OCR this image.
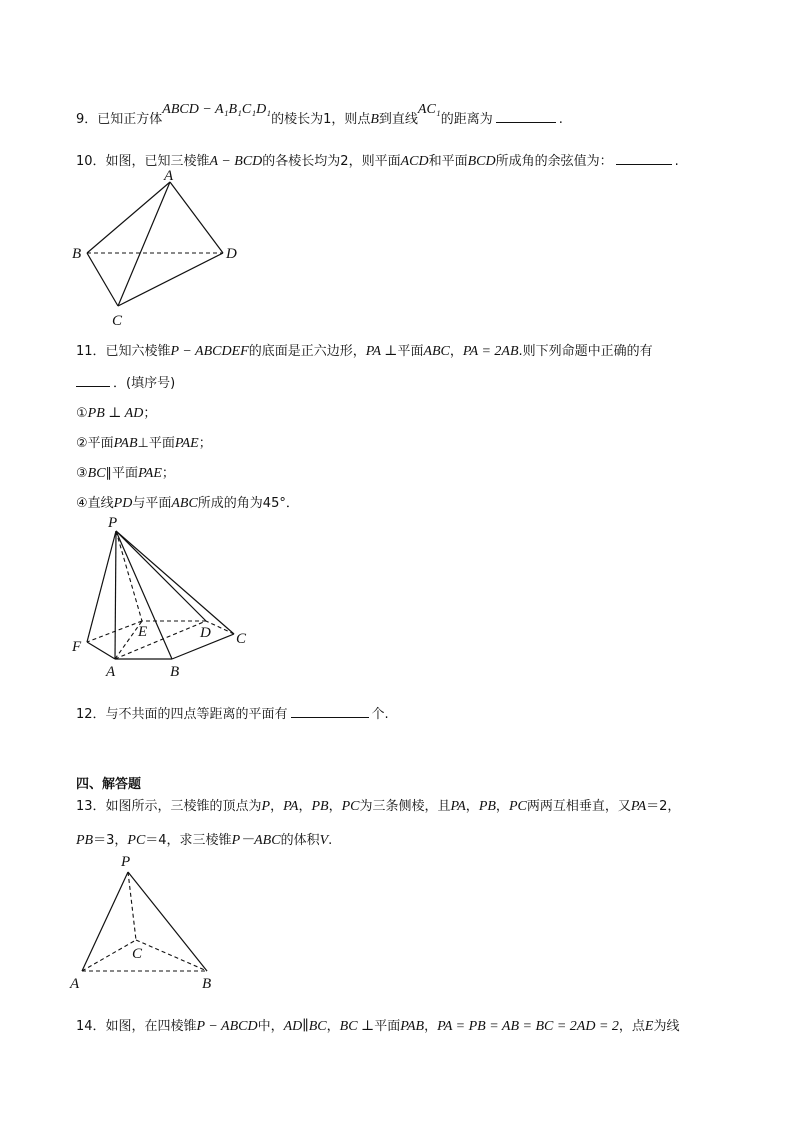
9．已知正方体ABCD − A₁B₁C₁D₁的棱长为1，则点B到直线AC₁的距离为	.
10．如图，已知三棱锥A − BCD的各棱长均为2，则平面ACD和平面BCD所成角的余弦值为：	.
A
B
C
D
11．已知六棱锥P − ABCDEF的底面是正六边形，PA ⊥平面ABC，PA = 2AB.则下列命题中正确的有
．(填序号)
①PB ⊥ AD；
②平面PAB⊥平面PAE；
③BC∥平面PAE；
④直线PD与平面ABC所成的角为45°．
P
F
A	B
C
D
E
12．与不共面的四点等距离的平面有	个.
四、解答题
13．如图所示，三棱锥的顶点为P，PA，PB，PC为三条侧棱，且PA，PB，PC两两互相垂直，又PA＝2，
PB＝3，PC＝4，求三棱锥P－ABC的体积V.
P
A	B
C
14．如图，在四棱锥P − ABCD中，AD∥BC，BC ⊥平面PAB，PA = PB = AB = BC = 2AD = 2，点E为线
